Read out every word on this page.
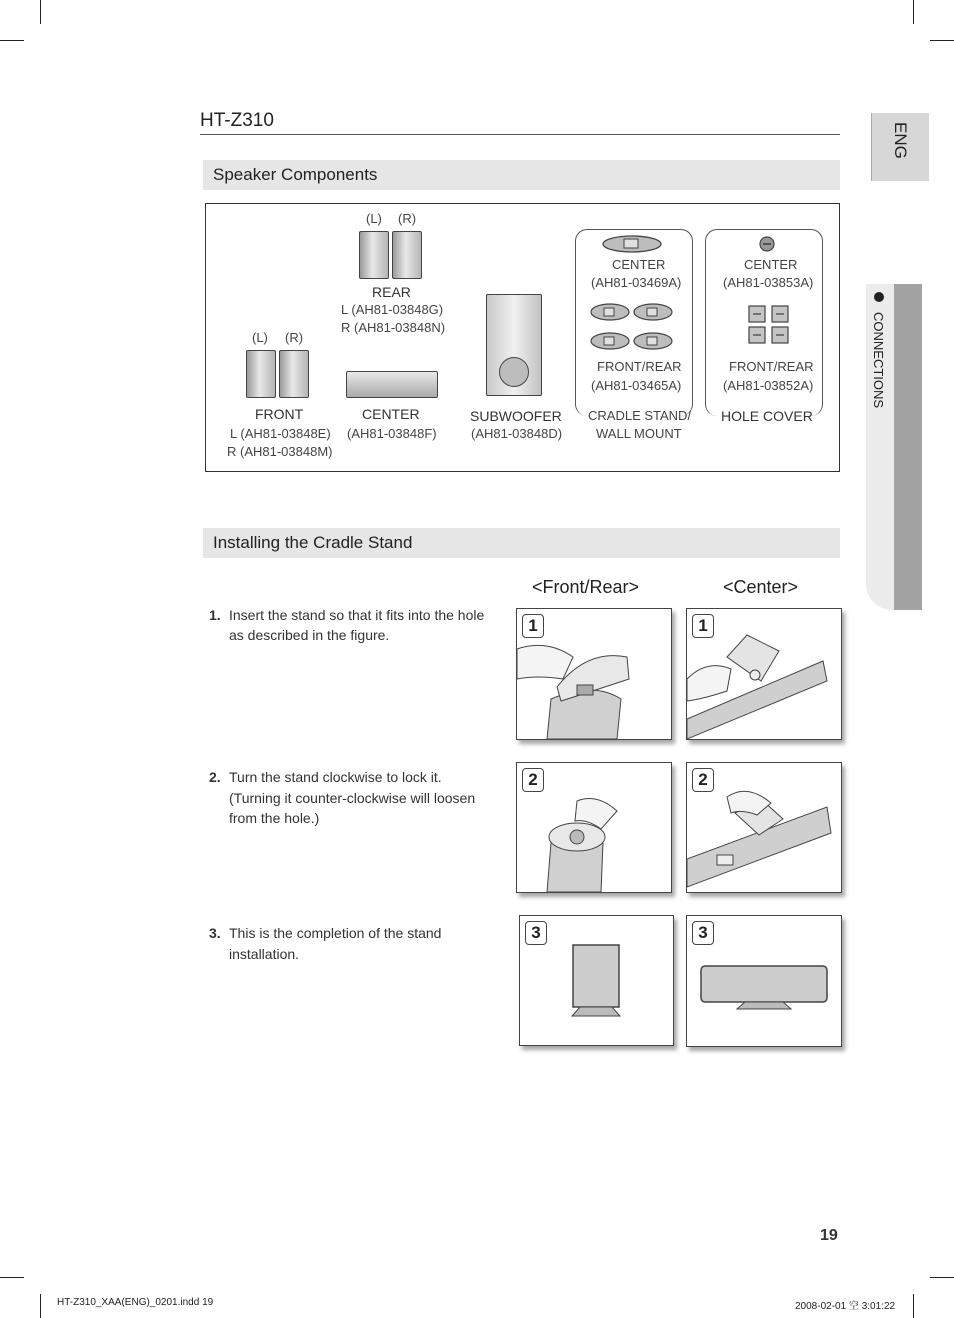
ENG
CONNECTIONS
HT-Z310
Speaker Components
(L) (R)
FRONT
L (AH81-03848E)
R (AH81-03848M)
(L) (R)
REAR
L (AH81-03848G)
R (AH81-03848N)
CENTER
(AH81-03848F)
SUBWOOFER
(AH81-03848D)
CENTER
(AH81-03469A)
FRONT/REAR
(AH81-03465A)
CRADLE STAND/
WALL MOUNT
CENTER
(AH81-03853A)
FRONT/REAR
(AH81-03852A)
HOLE COVER
Installing the Cradle Stand
<Front/Rear>	<Center>
1. Insert the stand so that it fits into the hole
as described in the figure.
2. Turn the stand clockwise to lock it.
(Turning it counter-clockwise will loosen
from the hole.)
3. This is the completion of the stand
installation.
1	1
2	2
3	3
19
HT-Z310_XAA(ENG)_0201.indd 19	2008-02-01 空 3:01:22
